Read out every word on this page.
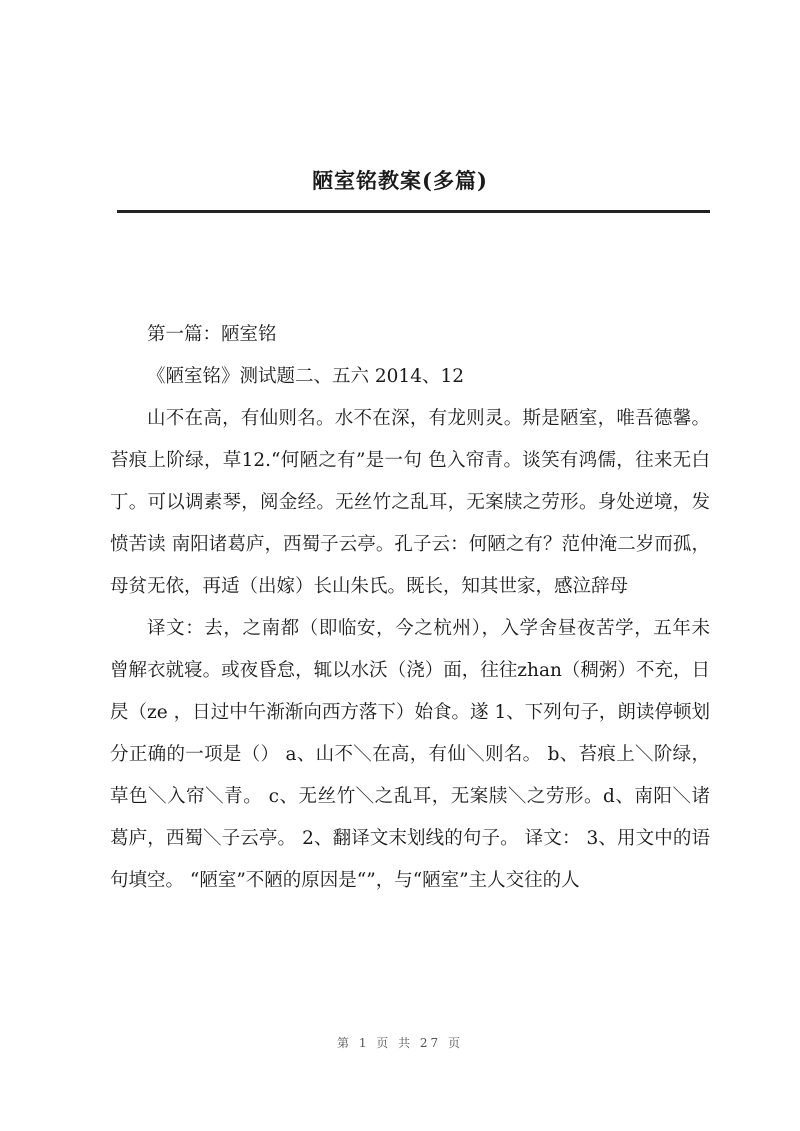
陋室铭教案(多篇)

第一篇：陋室铭

《陋室铭》测试题二、五六 2014、12

山不在高，有仙则名。水不在深，有龙则灵。斯是陋室，唯吾德馨。苔痕上阶绿，草12.“何陋之有”是一句 色入帘青。谈笑有鸿儒，往来无白丁。可以调素琴，阅金经。无丝竹之乱耳，无案牍之劳形。身处逆境，发愤苦读 南阳诸葛庐，西蜀子云亭。孔子云：何陋之有？范仲淹二岁而孤，母贫无依，再适（出嫁）长山朱氏。既长，知其世家，感泣辞母

译文：去，之南都（即临安，今之杭州），入学舍昼夜苦学，五年未曾解衣就寝。或夜昏怠，辄以水沃（浇）面，往往zhan（稠粥）不充，日昃（ze ，日过中午渐渐向西方落下）始食。遂 1、下列句子，朗读停顿划分正确的一项是（） a、山不＼在高，有仙＼则名。 b、苔痕上＼阶绿，草色＼入帘＼青。 c、无丝竹＼之乱耳，无案牍＼之劳形。d、南阳＼诸葛庐，西蜀＼子云亭。 2、翻译文末划线的句子。 译文： 3、用文中的语句填空。 “陋室”不陋的原因是“”，与“陋室”主人交往的人

第 1 页 共 27 页
